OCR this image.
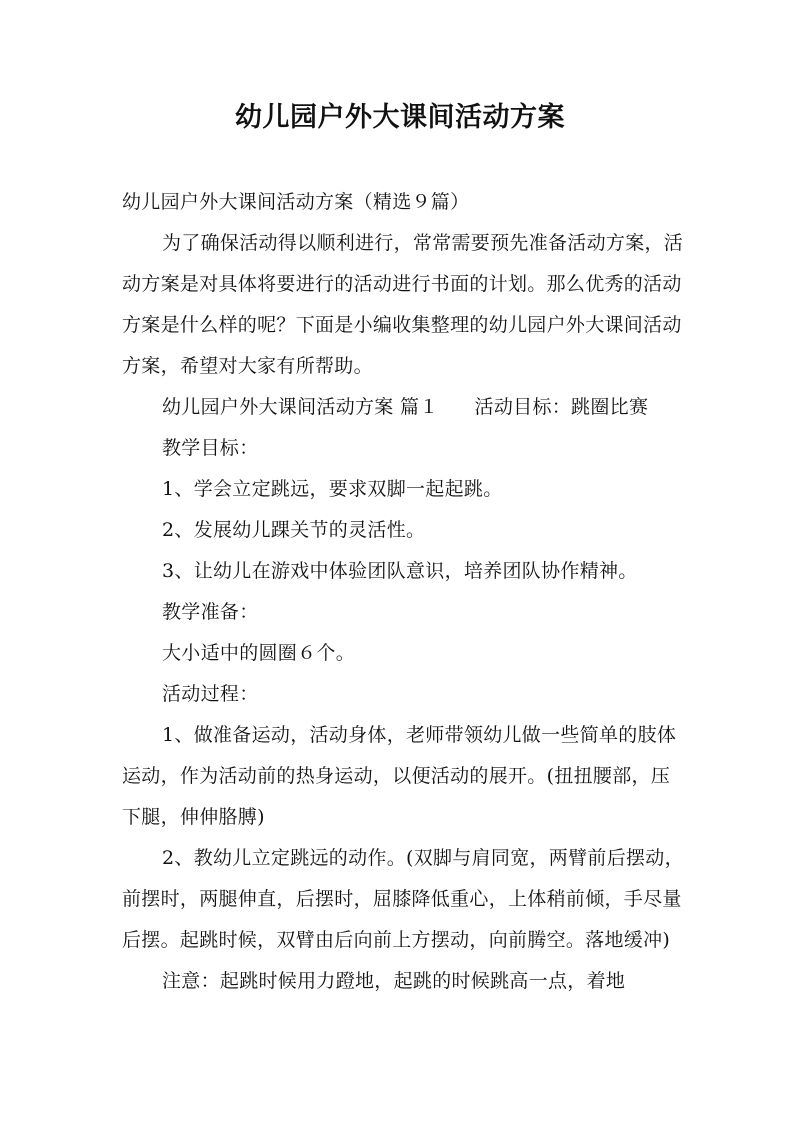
幼儿园户外大课间活动方案

幼儿园户外大课间活动方案（精选９篇）

为了确保活动得以顺利进行，常常需要预先准备活动方案，活动方案是对具体将要进行的活动进行书面的计划。那么优秀的活动方案是什么样的呢？下面是小编收集整理的幼儿园户外大课间活动方案，希望对大家有所帮助。

幼儿园户外大课间活动方案 篇１ 活动目标：跳圈比赛

教学目标：

1、学会立定跳远，要求双脚一起起跳。

2、发展幼儿踝关节的灵活性。

3、让幼儿在游戏中体验团队意识，培养团队协作精神。

教学准备：

大小适中的圆圈６个。

活动过程：

1、做准备运动，活动身体，老师带领幼儿做一些简单的肢体运动，作为活动前的热身运动，以便活动的展开。(扭扭腰部，压下腿，伸伸胳膊)

2、教幼儿立定跳远的动作。(双脚与肩同宽，两臂前后摆动，前摆时，两腿伸直，后摆时，屈膝降低重心，上体稍前倾，手尽量后摆。起跳时候，双臂由后向前上方摆动，向前腾空。落地缓冲)

注意：起跳时候用力蹬地，起跳的时候跳高一点，着地
